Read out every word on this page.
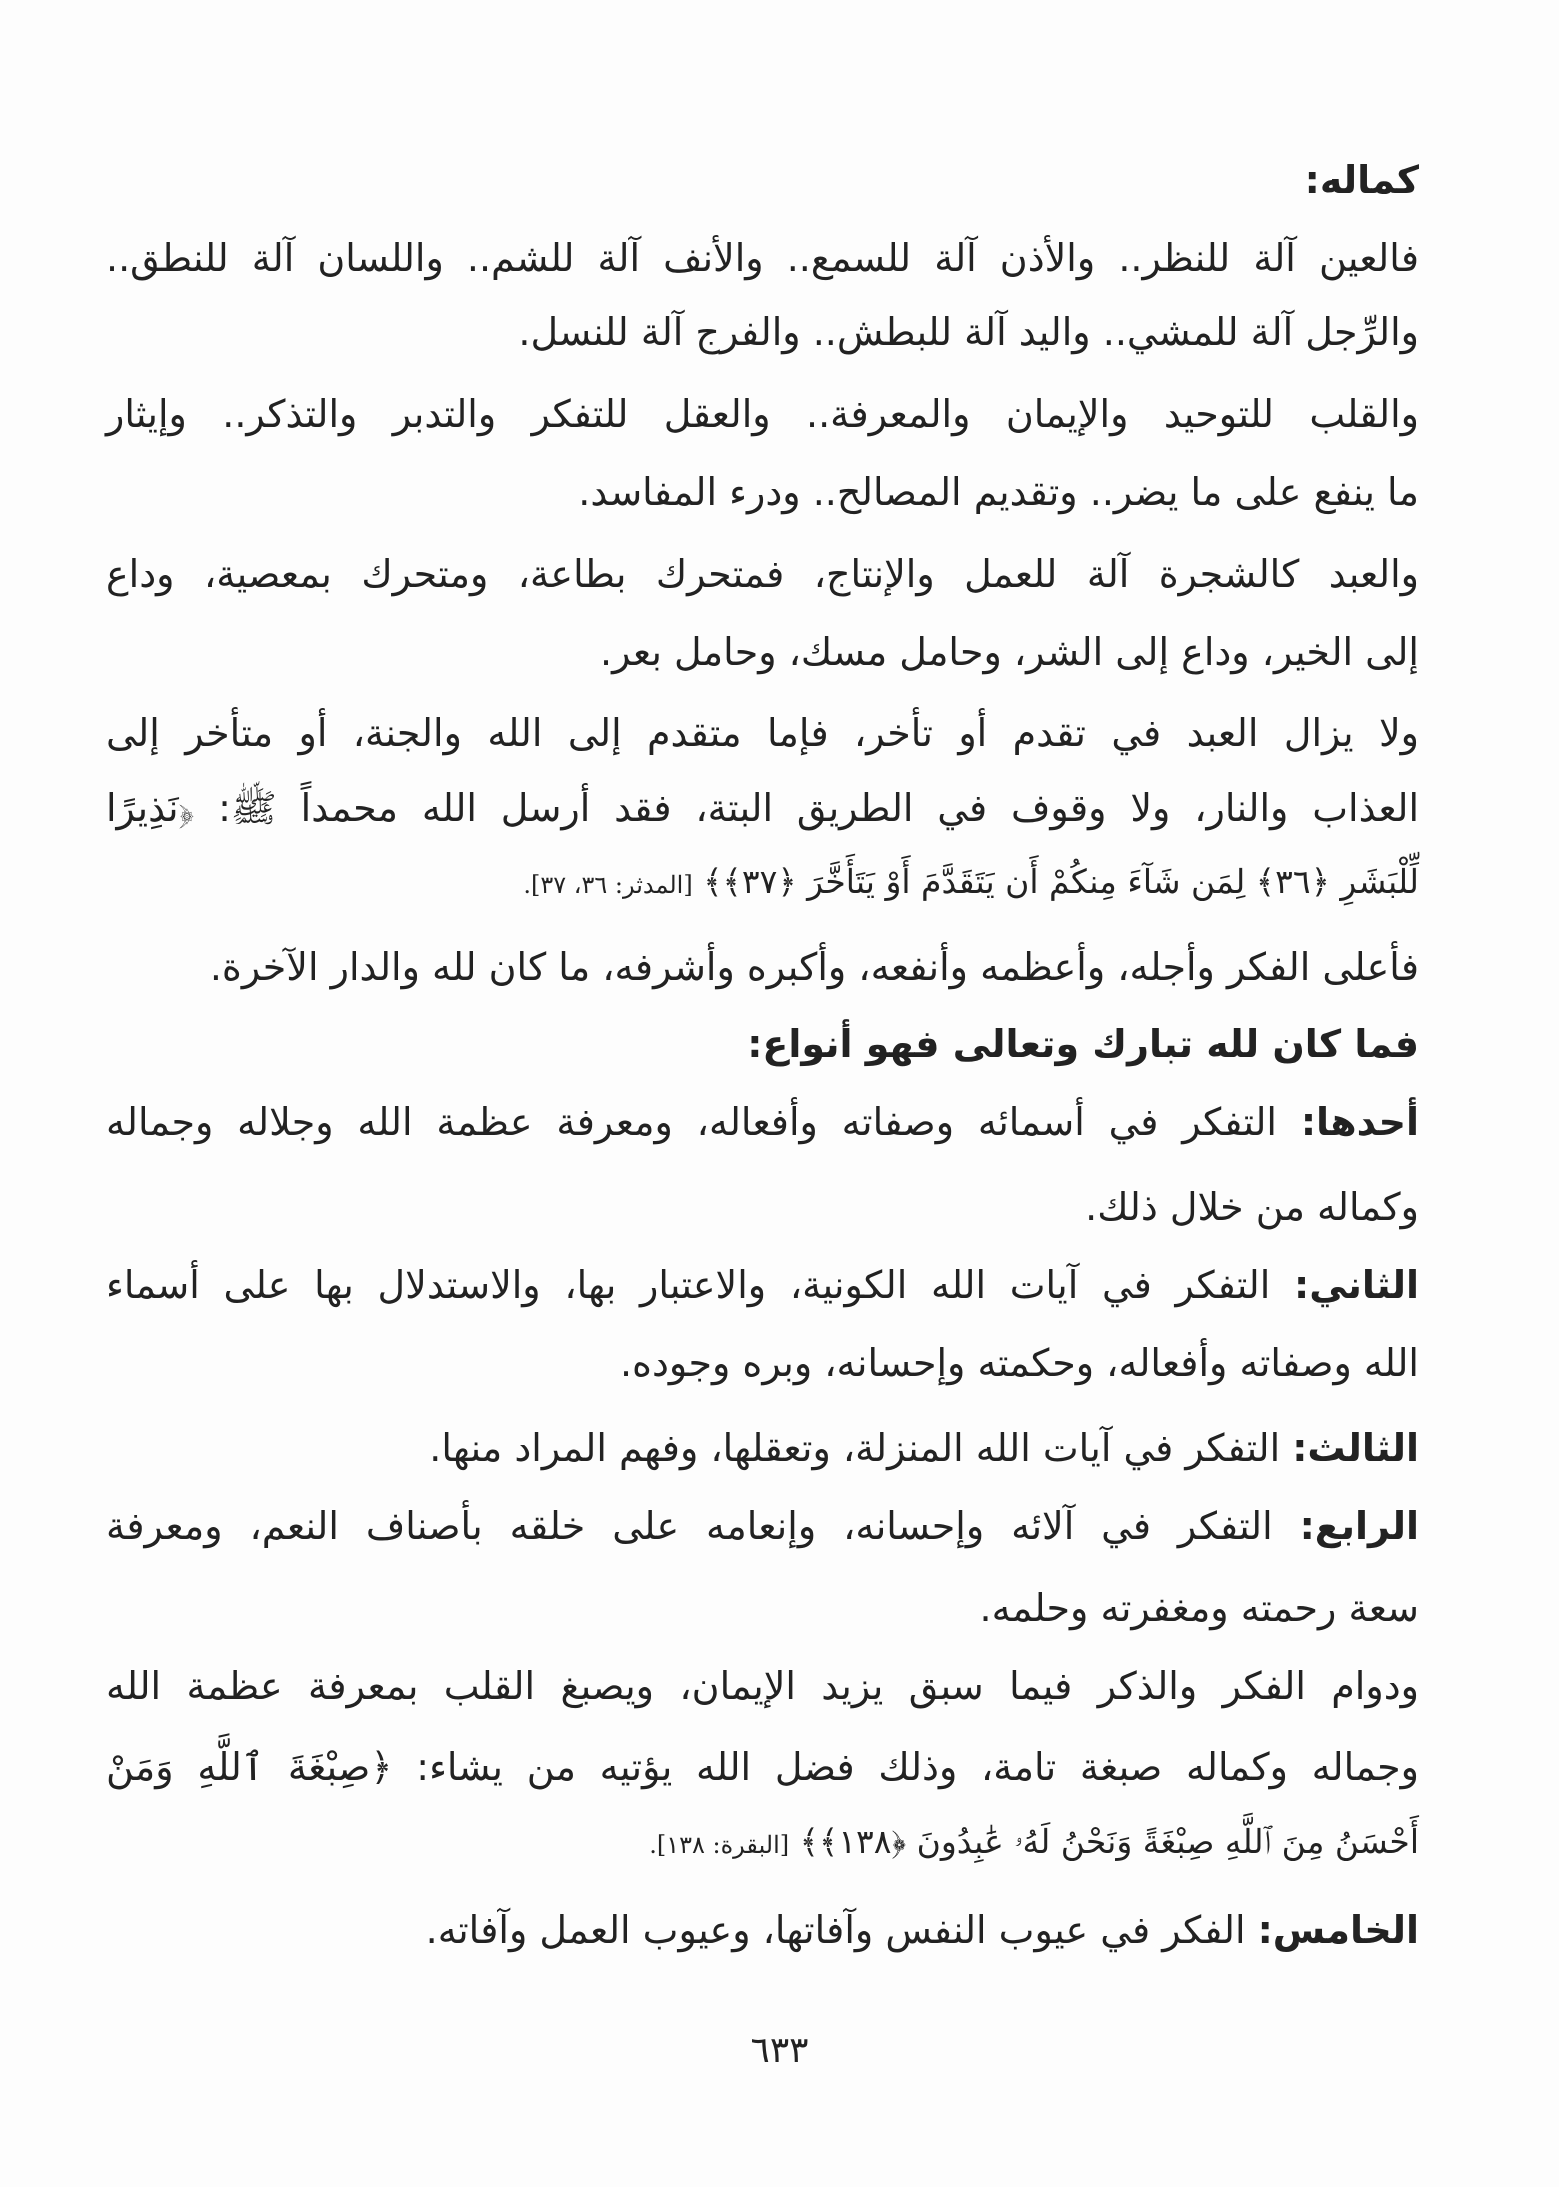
٦٣٣
كماله:
فالعين آلة للنظر.. والأذن آلة للسمع.. والأنف آلة للشم.. واللسان آلة للنطق..
والرِّجل آلة للمشي.. واليد آلة للبطش.. والفرج آلة للنسل.
والقلب للتوحيد والإيمان والمعرفة.. والعقل للتفكر والتدبر والتذكر.. وإيثار
ما ينفع على ما يضر.. وتقديم المصالح.. ودرء المفاسد.
والعبد كالشجرة آلة للعمل والإنتاج، فمتحرك بطاعة، ومتحرك بمعصية، وداع
إلى الخير، وداع إلى الشر، وحامل مسك، وحامل بعر.
ولا يزال العبد في تقدم أو تأخر، فإما متقدم إلى الله والجنة، أو متأخر إلى
العذاب والنار، ولا وقوف في الطريق البتة، فقد أرسل الله محمداً ﷺ: ﴿نَذِيرًا
لِّلْبَشَرِ ﴿٣٦﴾ لِمَن شَآءَ مِنكُمْ أَن يَتَقَدَّمَ أَوْ يَتَأَخَّرَ ﴿٣٧﴾﴾ [المدثر: ٣٦، ٣٧].
فأعلى الفكر وأجله، وأعظمه وأنفعه، وأكبره وأشرفه، ما كان لله والدار الآخرة.
فما كان لله تبارك وتعالى فهو أنواع:
أحدها: التفكر في أسمائه وصفاته وأفعاله، ومعرفة عظمة الله وجلاله وجماله
وكماله من خلال ذلك.
الثاني: التفكر في آيات الله الكونية، والاعتبار بها، والاستدلال بها على أسماء
الله وصفاته وأفعاله، وحكمته وإحسانه، وبره وجوده.
الثالث: التفكر في آيات الله المنزلة، وتعقلها، وفهم المراد منها.
الرابع: التفكر في آلائه وإحسانه، وإنعامه على خلقه بأصناف النعم، ومعرفة
سعة رحمته ومغفرته وحلمه.
ودوام الفكر والذكر فيما سبق يزيد الإيمان، ويصبغ القلب بمعرفة عظمة الله
وجماله وكماله صبغة تامة، وذلك فضل الله يؤتيه من يشاء: ﴿صِبْغَةَ ٱللَّهِ وَمَنْ
أَحْسَنُ مِنَ ٱللَّهِ صِبْغَةً وَنَحْنُ لَهُۥ عَٰبِدُونَ ﴿١٣٨﴾﴾ [البقرة: ١٣٨].
الخامس: الفكر في عيوب النفس وآفاتها، وعيوب العمل وآفاته.
